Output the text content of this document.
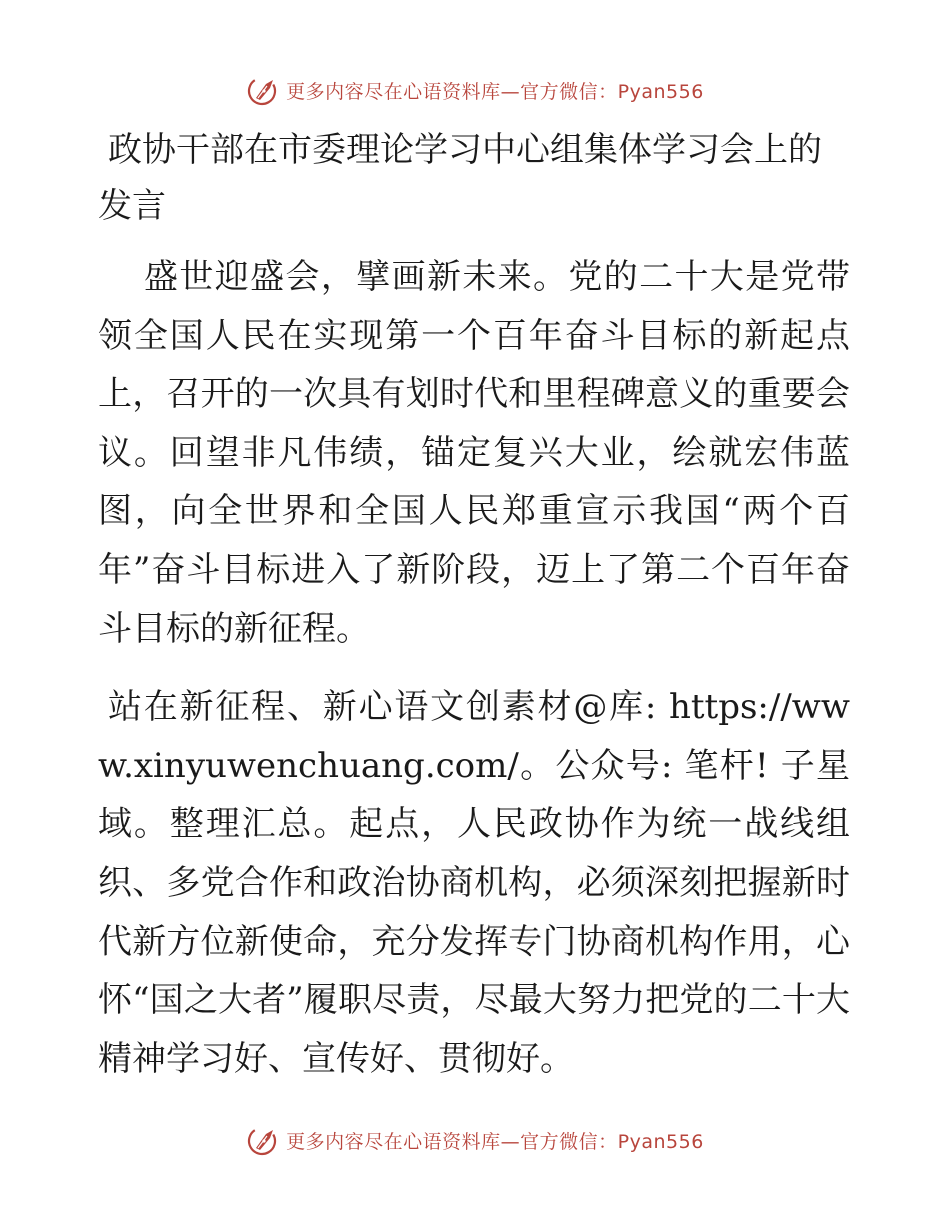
更多内容尽在心语资料库—官方微信：Pyan556
政协干部在市委理论学习中心组集体学习会上的发言

盛世迎盛会，擘画新未来。党的二十大是党带领全国人民在实现第一个百年奋斗目标的新起点上，召开的一次具有划时代和里程碑意义的重要会议。回望非凡伟绩，锚定复兴大业，绘就宏伟蓝图，向全世界和全国人民郑重宣示我国“两个百年”奋斗目标进入了新阶段，迈上了第二个百年奋斗目标的新征程。

站在新征程、新心语文创素材@库: https://www.xinyuwenchuang.com/。公众号: 笔杆! 子星域。整理汇总。起点，人民政协作为统一战线组织、多党合作和政治协商机构，必须深刻把握新时代新方位新使命，充分发挥专门协商机构作用，心怀“国之大者”履职尽责，尽最大努力把党的二十大精神学习好、宣传好、贯彻好。

更多内容尽在心语资料库—官方微信：Pyan556
